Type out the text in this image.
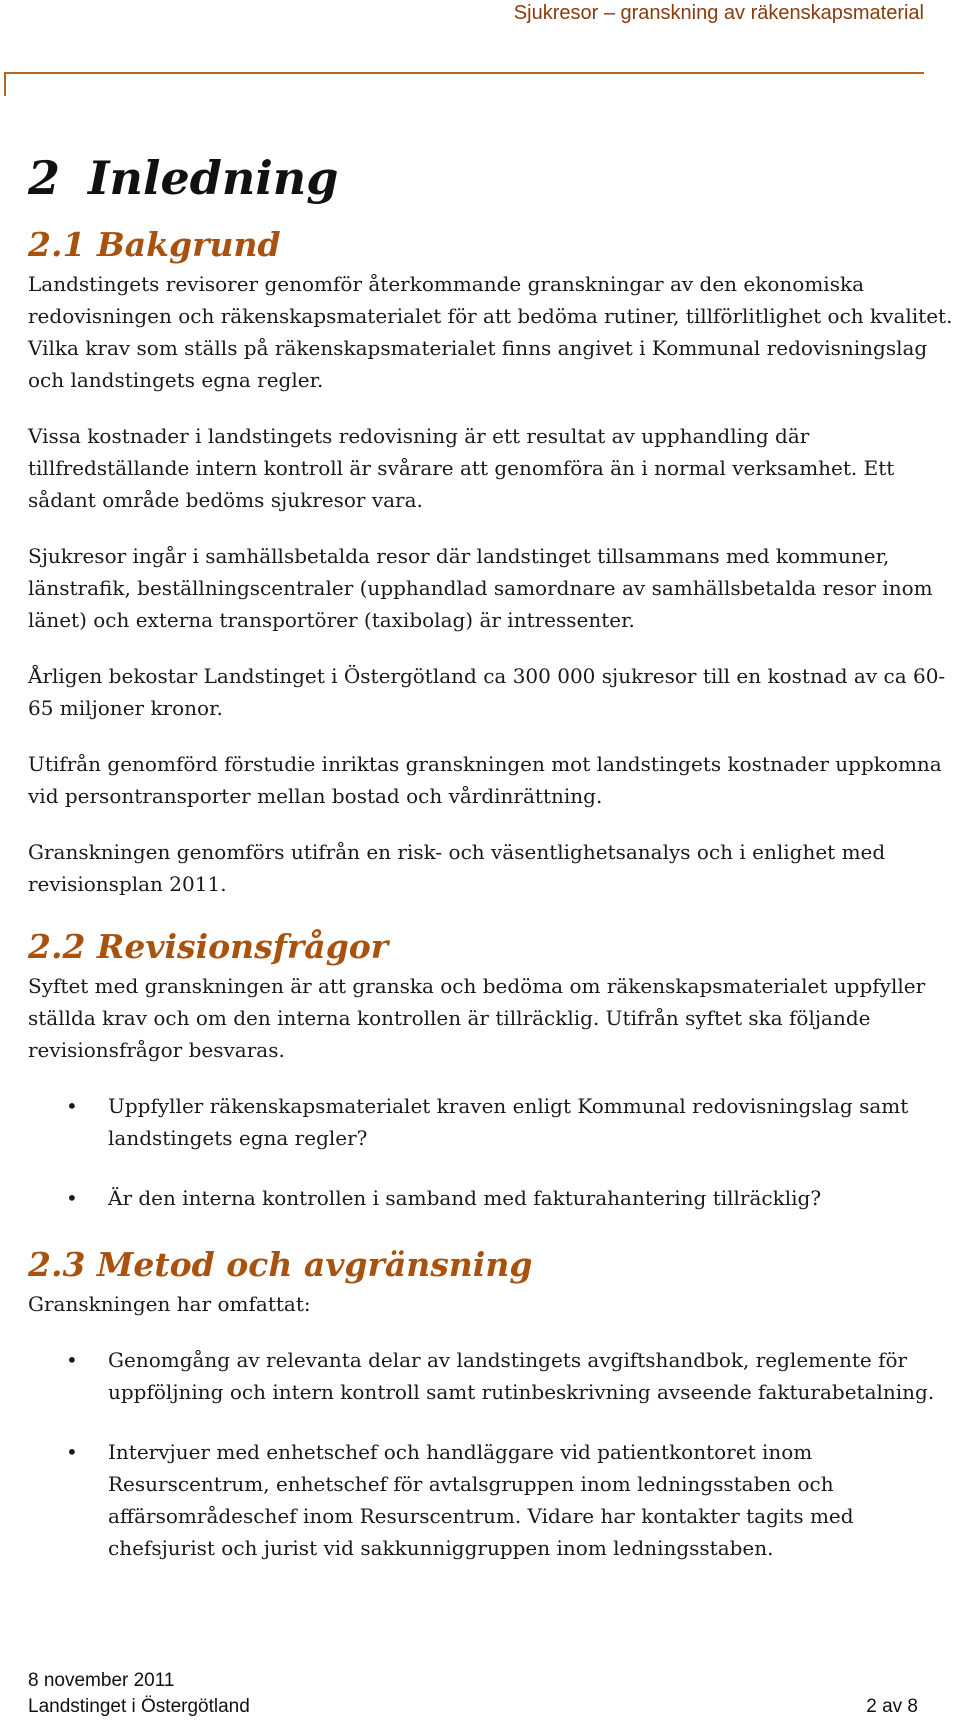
Sjukresor – granskning av räkenskapsmaterial
2 Inledning
2.1 Bakgrund

Landstingets revisorer genomför återkommande granskningar av den ekonomiska redovisningen och räkenskapsmaterialet för att bedöma rutiner, tillförlitlighet och kvalitet. Vilka krav som ställs på räkenskapsmaterialet finns angivet i Kommunal redovisningslag och landstingets egna regler.

Vissa kostnader i landstingets redovisning är ett resultat av upphandling där tillfredställande intern kontroll är svårare att genomföra än i normal verksamhet. Ett sådant område bedöms sjukresor vara.

Sjukresor ingår i samhällsbetalda resor där landstinget tillsammans med kommuner, länstrafik, beställningscentraler (upphandlad samordnare av samhällsbetalda resor inom länet) och externa transportörer (taxibolag) är intressenter.

Årligen bekostar Landstinget i Östergötland ca 300 000 sjukresor till en kostnad av ca 60-65 miljoner kronor.

Utifrån genomförd förstudie inriktas granskningen mot landstingets kostnader uppkomna vid persontransporter mellan bostad och vårdinrättning.

Granskningen genomförs utifrån en risk- och väsentlighetsanalys och i enlighet med revisionsplan 2011.

2.2 Revisionsfrågor

Syftet med granskningen är att granska och bedöma om räkenskapsmaterialet uppfyller ställda krav och om den interna kontrollen är tillräcklig. Utifrån syftet ska följande revisionsfrågor besvaras.

• Uppfyller räkenskapsmaterialet kraven enligt Kommunal redovisningslag samt landstingets egna regler?
• Är den interna kontrollen i samband med fakturahantering tillräcklig?
2.3 Metod och avgränsning

Granskningen har omfattat:

• Genomgång av relevanta delar av landstingets avgiftshandbok, reglemente för uppföljning och intern kontroll samt rutinbeskrivning avseende fakturabetalning.
• Intervjuer med enhetschef och handläggare vid patientkontoret inom Resurscentrum, enhetschef för avtalsgruppen inom ledningsstaben och affärsområdeschef inom Resurscentrum. Vidare har kontakter tagits med chefsjurist och jurist vid sakkunniggruppen inom ledningsstaben.
8 november 2011
Landstinget i Östergötland	2 av 8
